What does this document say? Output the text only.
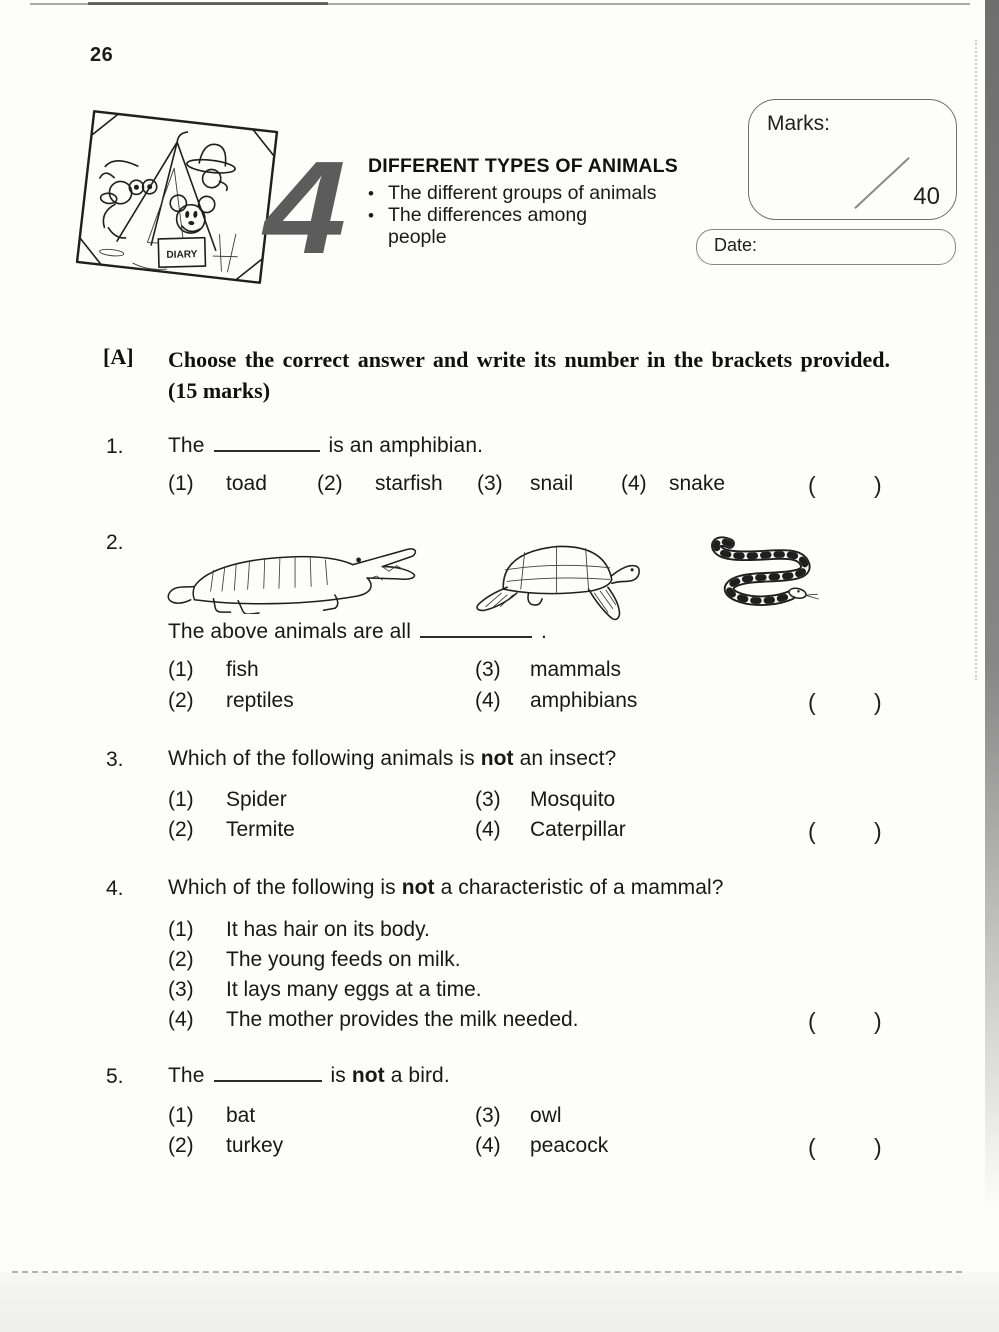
26
DIARY 4 DIFFERENT TYPES OF ANIMALS
• The different groups of animals
• The differences among people
Marks:
40
Date:
[A] Choose the correct answer and write its number in the brackets provided. (15 marks)
1. The	is an amphibian.
(1) toad (2) starfish (3) snail (4) snake	(	)
2.
The above animals are all	.
(1) fish	(3) mammals
(2) reptiles	(4) amphibians	(	)
3. Which of the following animals is not an insect?
(1) Spider	(3) Mosquito
(2) Termite	(4) Caterpillar	(	)
4. Which of the following is not a characteristic of a mammal?
(1) It has hair on its body.
(2) The young feeds on milk.
(3) It lays many eggs at a time.
(4) The mother provides the milk needed.	(	)
5. The	is not a bird.
(1) bat	(3) owl
(2) turkey	(4) peacock	(	)
